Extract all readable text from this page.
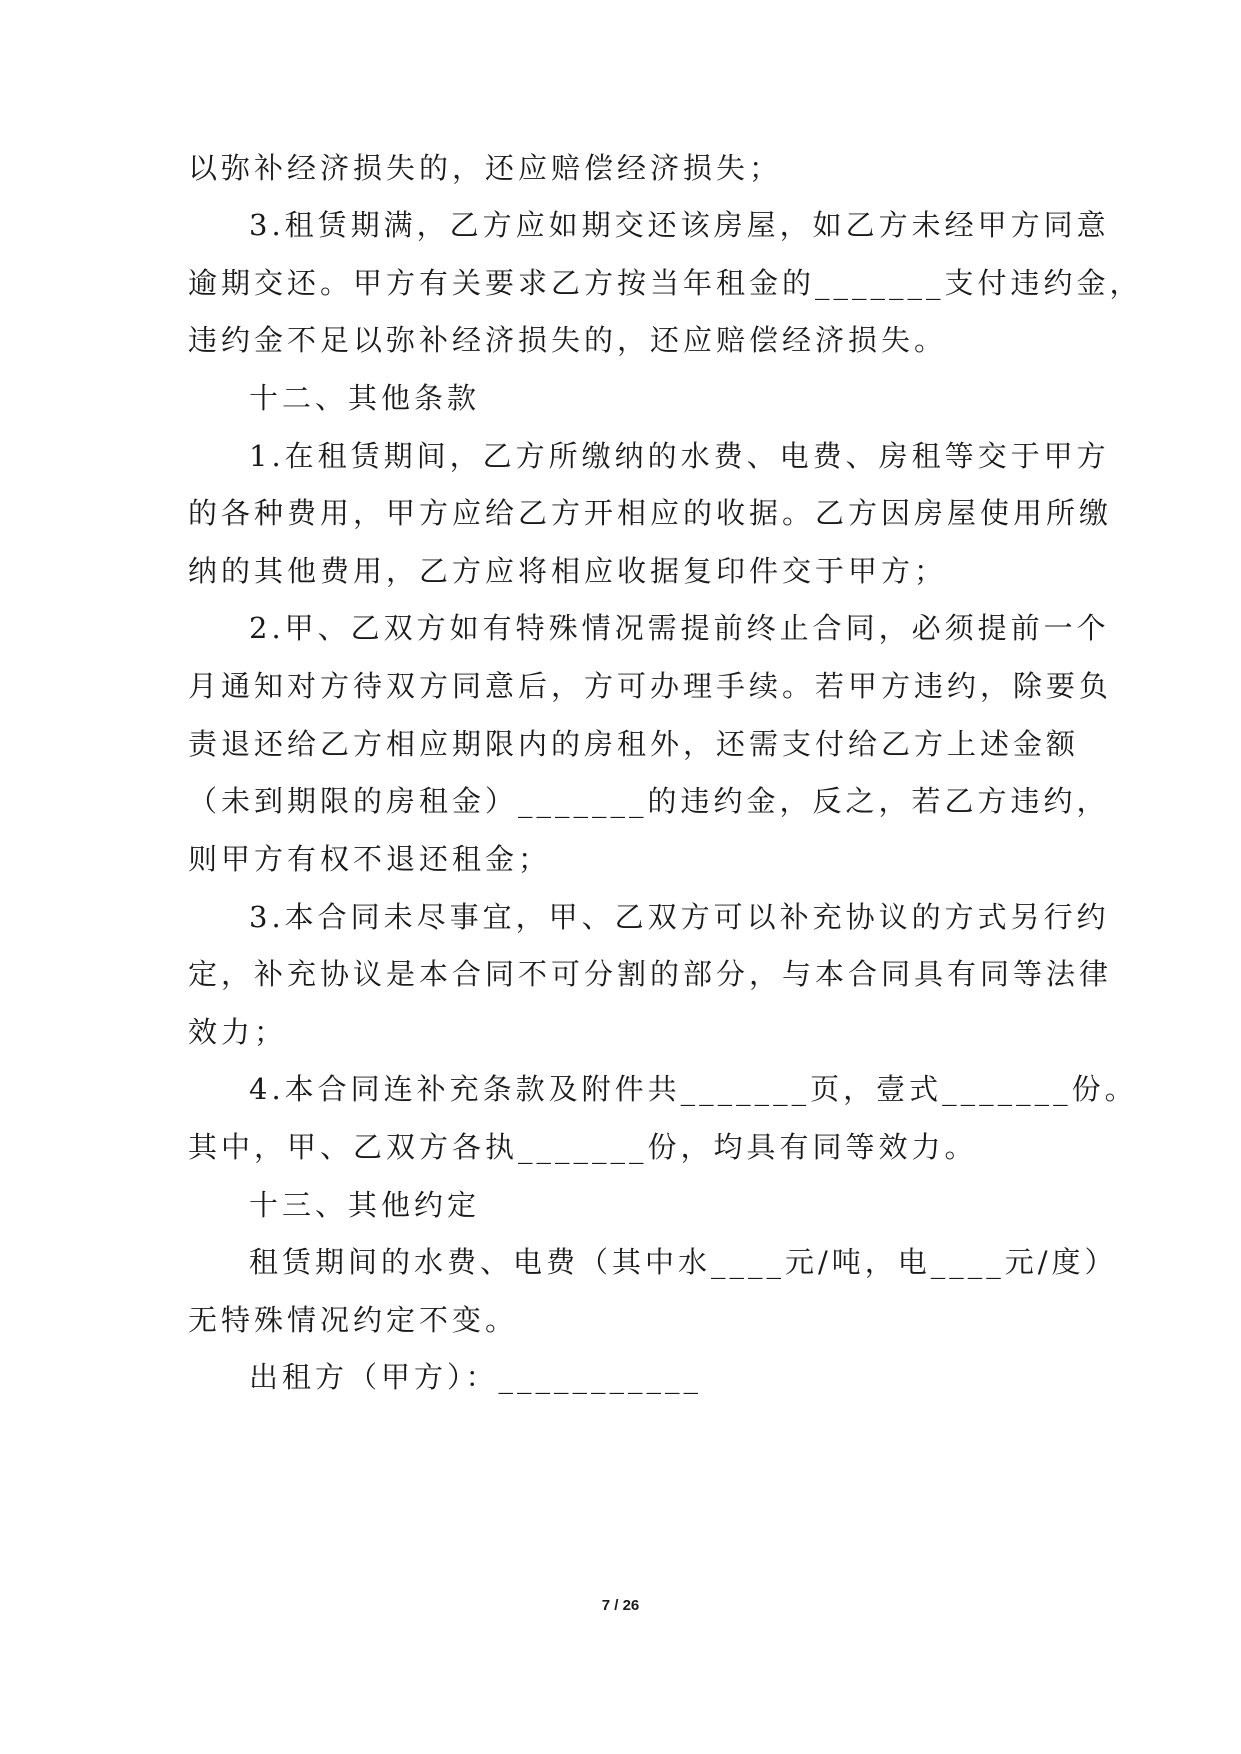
以弥补经济损失的，还应赔偿经济损失；
3.租赁期满，乙方应如期交还该房屋，如乙方未经甲方同意
逾期交还。甲方有关要求乙方按当年租金的_______支付违约金，
违约金不足以弥补经济损失的，还应赔偿经济损失。
十二、其他条款
1.在租赁期间，乙方所缴纳的水费、电费、房租等交于甲方
的各种费用，甲方应给乙方开相应的收据。乙方因房屋使用所缴
纳的其他费用，乙方应将相应收据复印件交于甲方；
2.甲、乙双方如有特殊情况需提前终止合同，必须提前一个
月通知对方待双方同意后，方可办理手续。若甲方违约，除要负
责退还给乙方相应期限内的房租外，还需支付给乙方上述金额
（未到期限的房租金）_______的违约金，反之，若乙方违约，
则甲方有权不退还租金；
3.本合同未尽事宜，甲、乙双方可以补充协议的方式另行约
定，补充协议是本合同不可分割的部分，与本合同具有同等法律
效力；
4.本合同连补充条款及附件共_______页，壹式_______份。
其中，甲、乙双方各执_______份，均具有同等效力。
十三、其他约定
租赁期间的水费、电费（其中水____元/吨，电____元/度）
无特殊情况约定不变。
出租方（甲方）：___________
7 / 26
